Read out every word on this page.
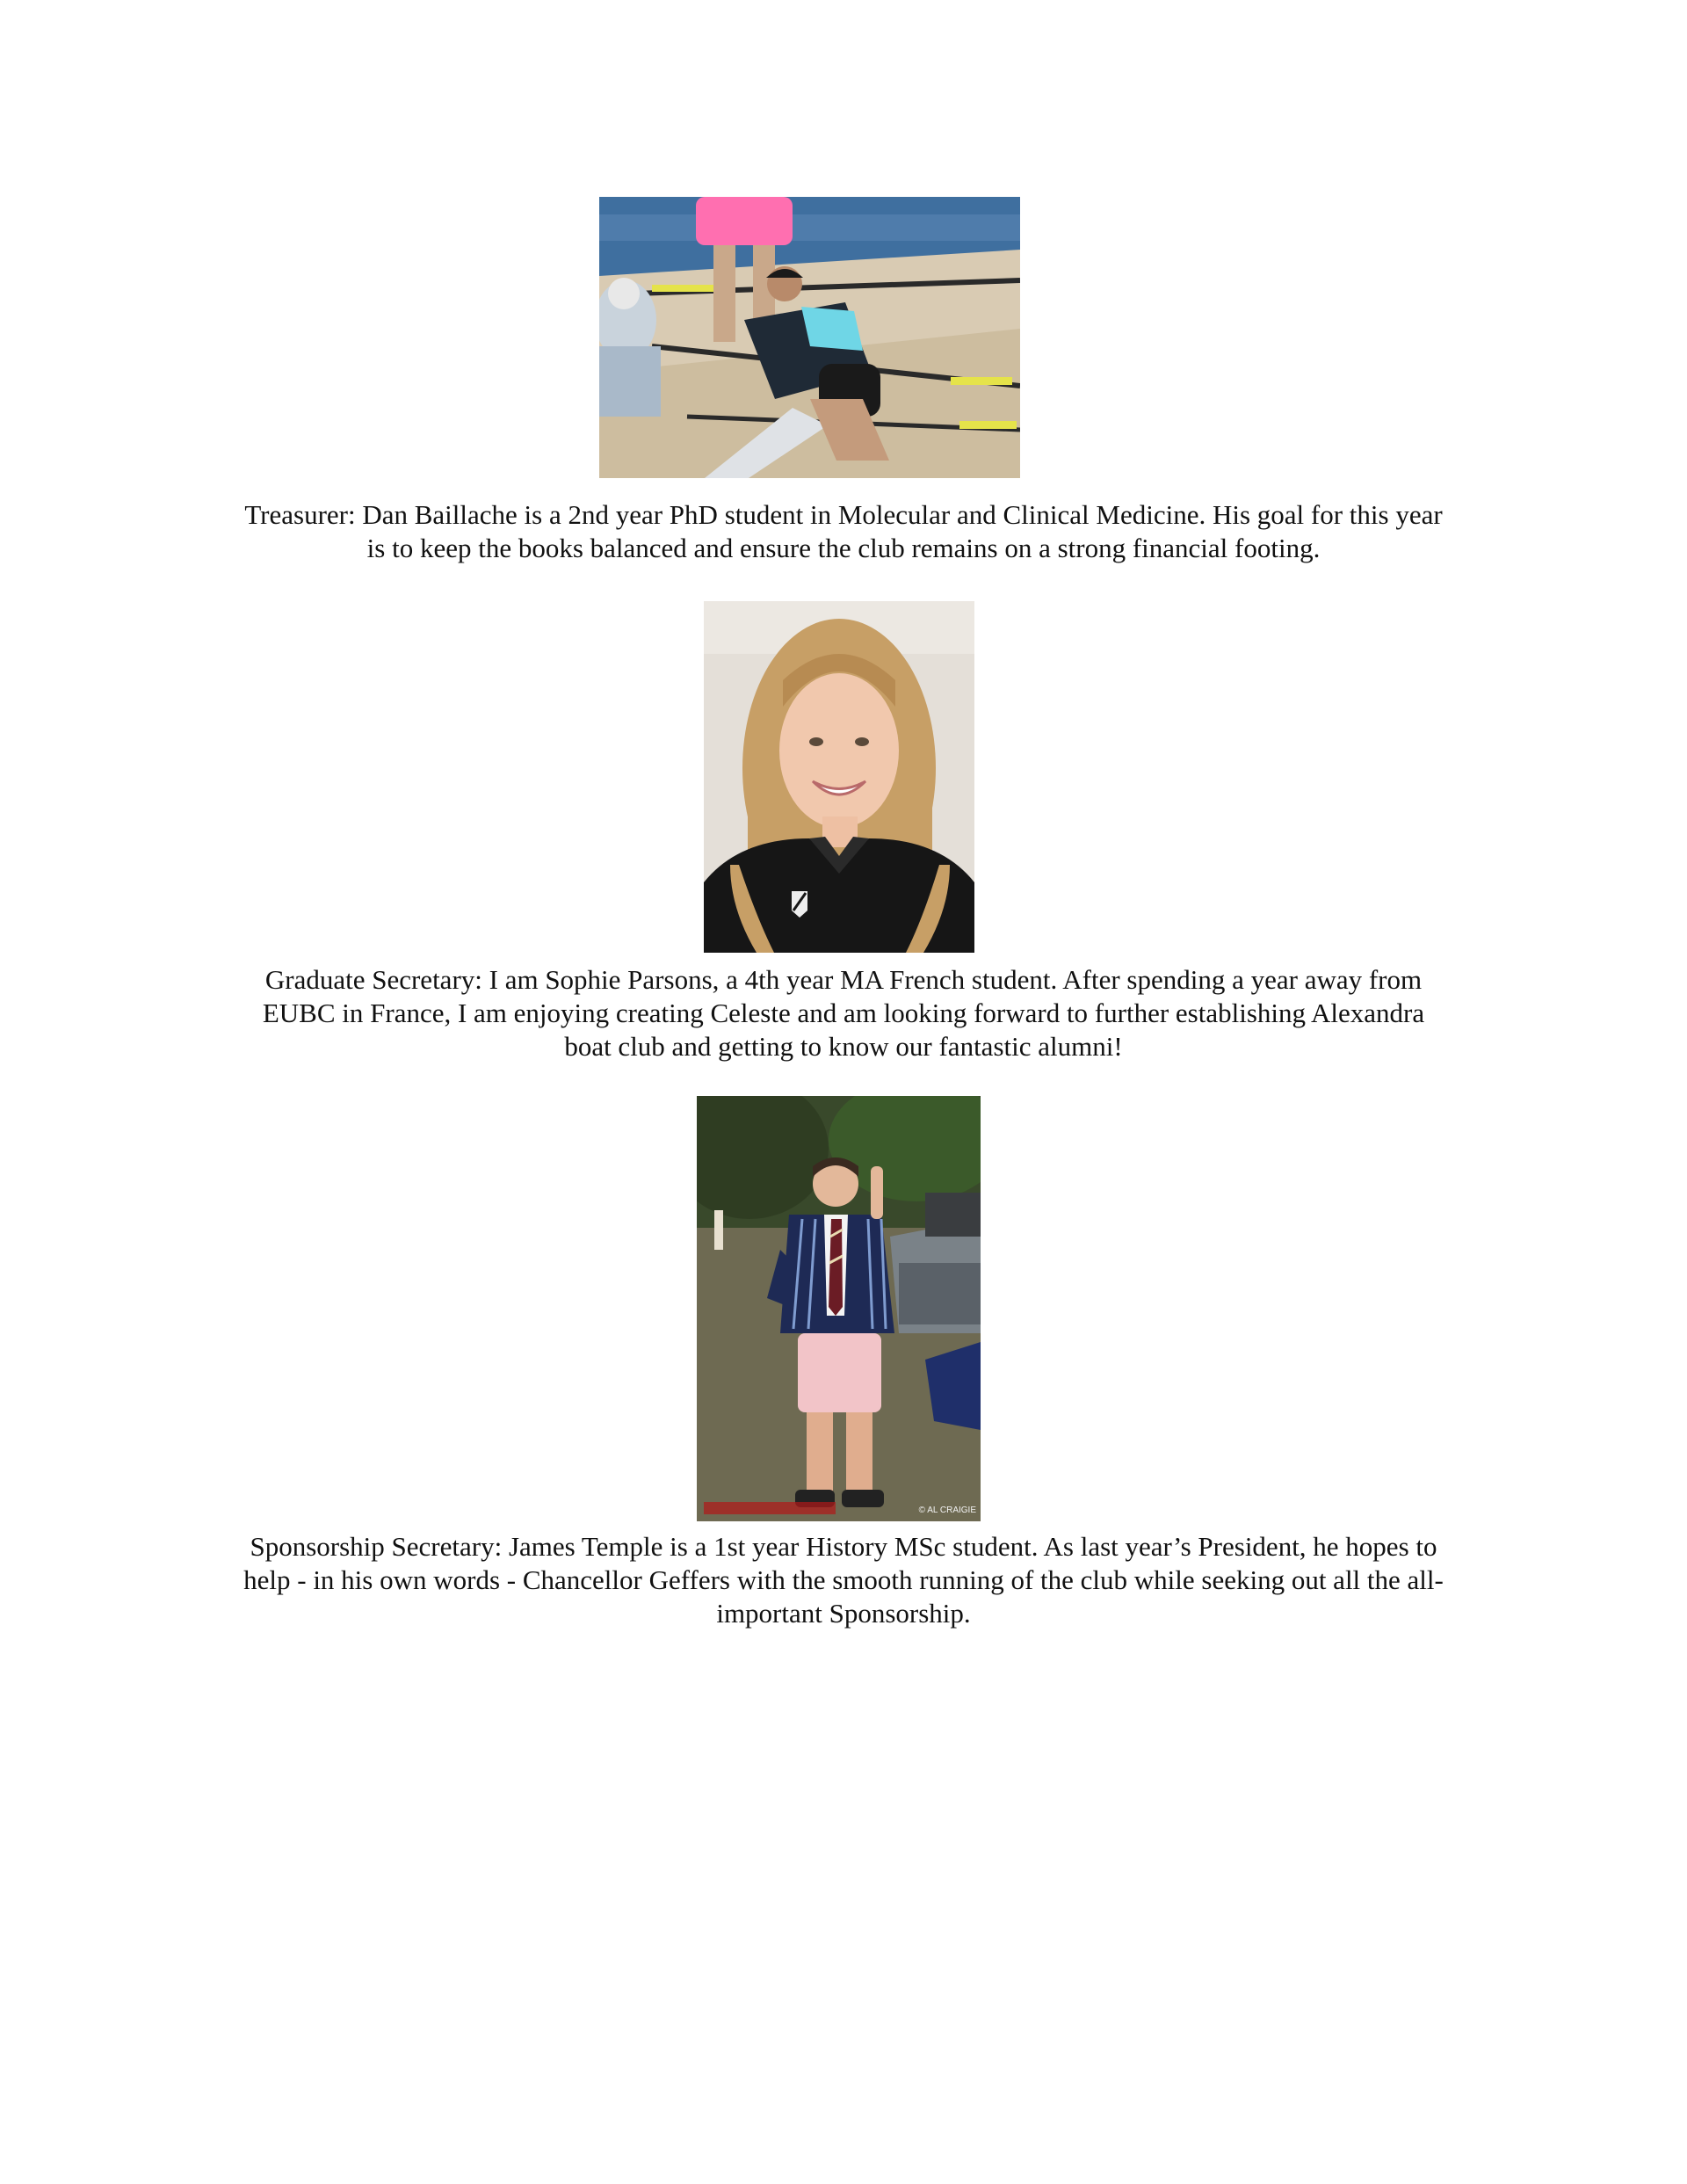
Treasurer: Dan Baillache is a 2nd year PhD student in Molecular and Clinical Medicine. His goal for this year
is to keep the books balanced and ensure the club remains on a strong financial footing.

Graduate Secretary: I am Sophie Parsons, a 4th year MA French student. After spending a year away from
EUBC in France, I am enjoying creating Celeste and am looking forward to further establishing Alexandra
boat club and getting to know our fantastic alumni!

© AL CRAIGIE

Sponsorship Secretary: James Temple is a 1st year History MSc student. As last year’s President, he hopes to
help - in his own words - Chancellor Geffers with the smooth running of the club while seeking out all the all-
important Sponsorship.
